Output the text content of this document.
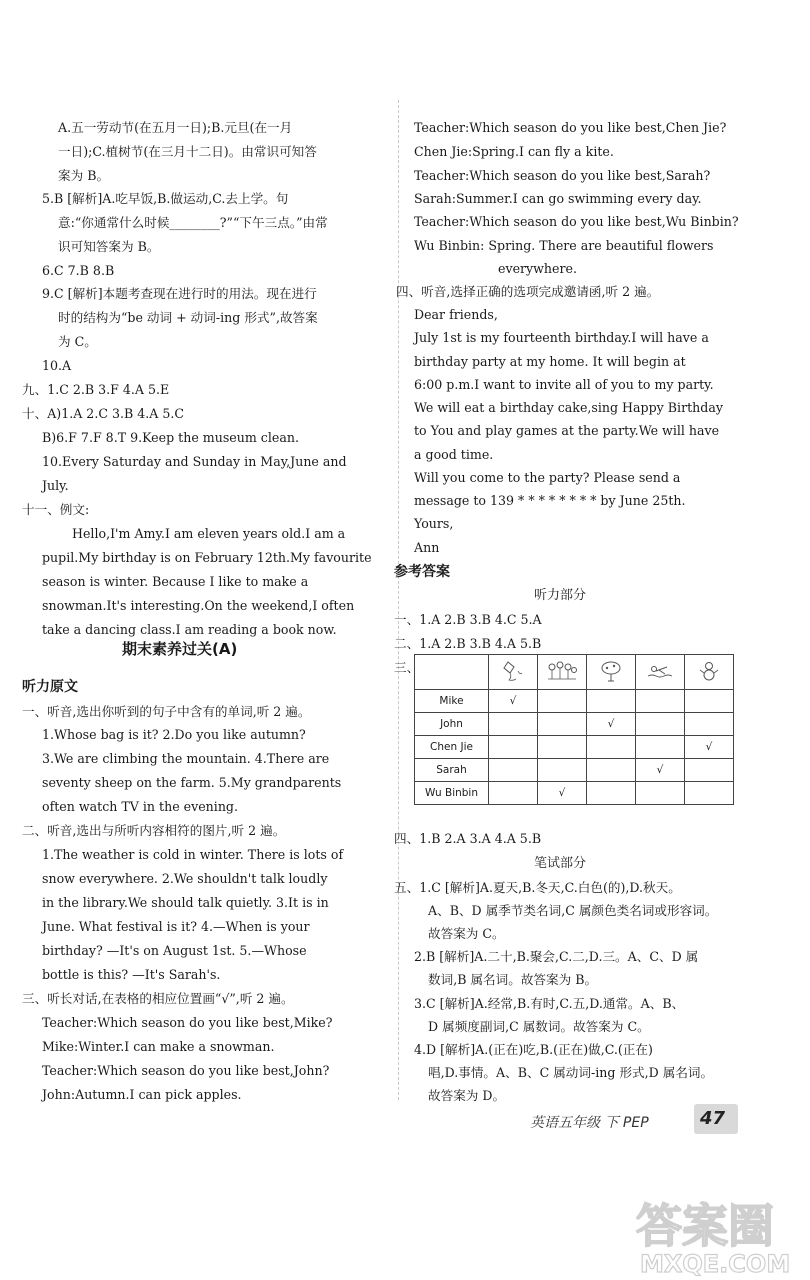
期末素养过关(A)
听力原文
参考答案
听力部分
笔试部分

Mike	√				
John			√		
Chen Jie					√
Sarah				√	
Wu Binbin		√			
英语五年级 下 PEP	47
答案圈
MXQE.COM
A.五一劳动节(在五月一日);B.元旦(在一月
一日);C.植树节(在三月十二日)。由常识可知答
案为 B。
5.B [解析]A.吃早饭,B.做运动,C.去上学。句
意:“你通常什么时候________?”“下午三点。”由常
识可知答案为 B。
6.C 7.B 8.B
9.C [解析]本题考查现在进行时的用法。现在进行
时的结构为“be 动词 + 动词-ing 形式”,故答案
为 C。
10.A
九、1.C 2.B 3.F 4.A 5.E
十、A)1.A 2.C 3.B 4.A 5.C
B)6.F 7.F 8.T 9.Keep the museum clean.
10.Every Saturday and Sunday in May,June and
July.
十一、例文:
Hello,I'm Amy.I am eleven years old.I am a
pupil.My birthday is on February 12th.My favourite
season is winter. Because I like to make a
snowman.It's interesting.On the weekend,I often
take a dancing class.I am reading a book now.
一、听音,选出你听到的句子中含有的单词,听 2 遍。
1.Whose bag is it? 2.Do you like autumn?
3.We are climbing the mountain. 4.There are
seventy sheep on the farm. 5.My grandparents
often watch TV in the evening.
二、听音,选出与所听内容相符的图片,听 2 遍。
1.The weather is cold in winter. There is lots of
snow everywhere. 2.We shouldn't talk loudly
in the library.We should talk quietly. 3.It is in
June. What festival is it? 4.—When is your
birthday? —It's on August 1st. 5.—Whose
bottle is this? —It's Sarah's.
三、听长对话,在表格的相应位置画“√”,听 2 遍。
Teacher:Which season do you like best,Mike?
Mike:Winter.I can make a snowman.
Teacher:Which season do you like best,John?
John:Autumn.I can pick apples.
Teacher:Which season do you like best,Chen Jie?
Chen Jie:Spring.I can fly a kite.
Teacher:Which season do you like best,Sarah?
Sarah:Summer.I can go swimming every day.
Teacher:Which season do you like best,Wu Binbin?
Wu Binbin: Spring. There are beautiful flowers
everywhere.
四、听音,选择正确的选项完成邀请函,听 2 遍。
Dear friends,
July 1st is my fourteenth birthday.I will have a
birthday party at my home. It will begin at
6:00 p.m.I want to invite all of you to my party.
We will eat a birthday cake,sing Happy Birthday
to You and play games at the party.We will have
a good time.
Will you come to the party? Please send a
message to 139 * * * * * * * * by June 25th.
Yours,
Ann
一、1.A 2.B 3.B 4.C 5.A
二、1.A 2.B 3.B 4.A 5.B
三、
四、1.B 2.A 3.A 4.A 5.B
五、1.C [解析]A.夏天,B.冬天,C.白色(的),D.秋天。
A、B、D 属季节类名词,C 属颜色类名词或形容词。
故答案为 C。
2.B [解析]A.二十,B.聚会,C.二,D.三。A、C、D 属
数词,B 属名词。故答案为 B。
3.C [解析]A.经常,B.有时,C.五,D.通常。A、B、
D 属频度副词,C 属数词。故答案为 C。
4.D [解析]A.(正在)吃,B.(正在)做,C.(正在)
唱,D.事情。A、B、C 属动词-ing 形式,D 属名词。
故答案为 D。
